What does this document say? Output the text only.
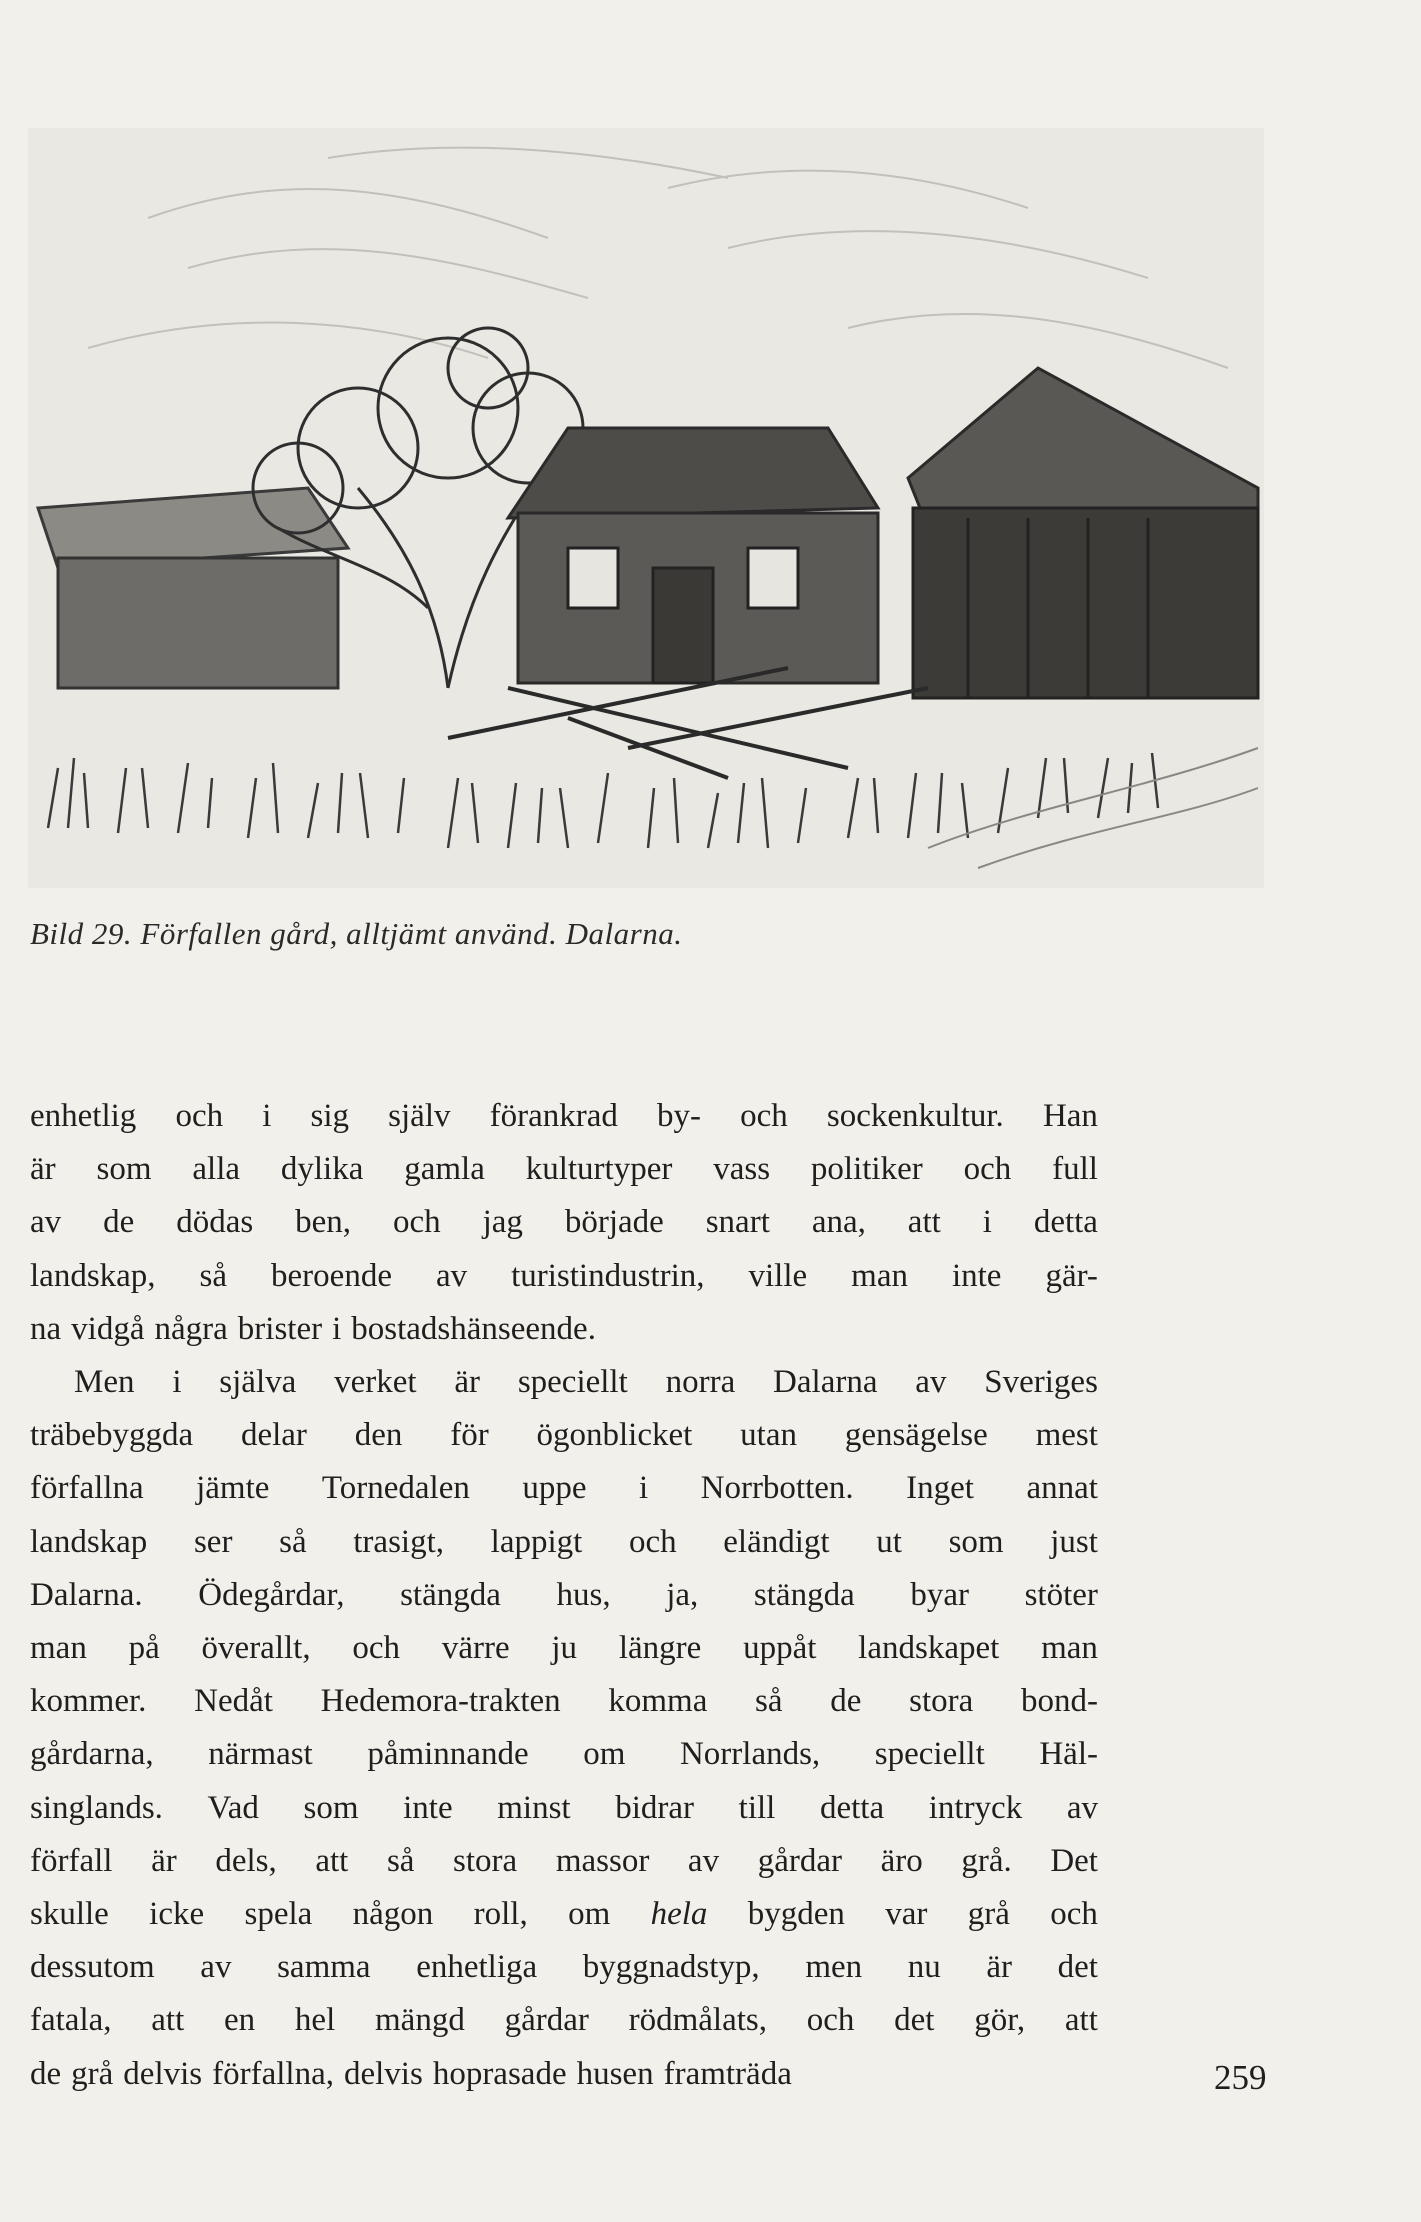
Bild 29. Förfallen gård, alltjämt använd. Dalarna.
enhetlig och i sig själv förankrad by- och sockenkultur. Han
är som alla dylika gamla kulturtyper vass politiker och full
av de dödas ben, och jag började snart ana, att i detta
landskap, så beroende av turistindustrin, ville man inte gär-
na vidgå några brister i bostadshänseende.
Men i själva verket är speciellt norra Dalarna av Sveriges
träbebyggda delar den för ögonblicket utan gensägelse mest
förfallna jämte Tornedalen uppe i Norrbotten. Inget annat
landskap ser så trasigt, lappigt och eländigt ut som just
Dalarna. Ödegårdar, stängda hus, ja, stängda byar stöter
man på överallt, och värre ju längre uppåt landskapet man
kommer. Nedåt Hedemora-trakten komma så de stora bond-
gårdarna, närmast påminnande om Norrlands, speciellt Häl-
singlands. Vad som inte minst bidrar till detta intryck av
förfall är dels, att så stora massor av gårdar äro grå. Det
skulle icke spela någon roll, om hela bygden var grå och
dessutom av samma enhetliga byggnadstyp, men nu är det
fatala, att en hel mängd gårdar rödmålats, och det gör, att
de grå delvis förfallna, delvis hoprasade husen framträda	259
